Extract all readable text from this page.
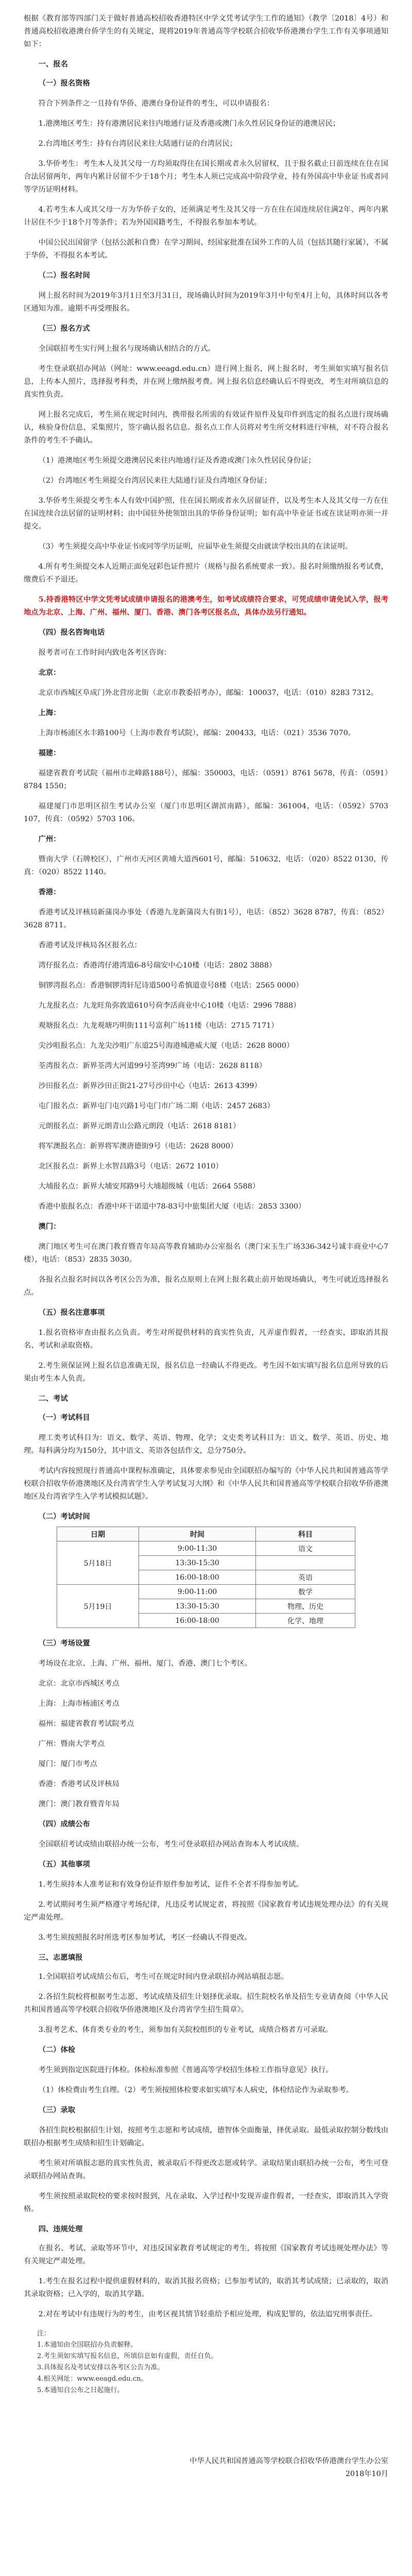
根据《教育部等四部门关于做好普通高校招收香港特区中学文凭考试学生工作的通知》（教学〔2018〕4号）和普通高校招收港澳台侨学生的有关规定，现将2019年普通高等学校联合招收华侨港澳台学生工作有关事项通知如下：

一、报名

（一）报名资格

符合下列条件之一且持有华侨、港澳台身份证件的考生，可以申请报名：

1.港澳地区考生：持有港澳居民来往内地通行证及香港或澳门永久性居民身份证的港澳居民；

2.台湾地区考生：持有台湾居民来往大陆通行证的台湾居民；

3.华侨考生：考生本人及其父母一方均须取得住在国长期或者永久居留权，且于报名截止日前连续在住在国合法居留两年，两年内累计居留不少于18个月；考生本人须已完成高中阶段学业，持有外国高中毕业证书或者同等学历证明材料。

4.若考生本人或其父母一方为华侨子女的，还须满足考生及其父母一方在住在国连续居住满2年、两年内累计居住不少于18个月等条件；若为外国国籍考生，不得报名参加本考试。

中国公民出国留学（包括公派和自费）在学习期间、经国家批准在国外工作的人员（包括其随行家属），不属于华侨，不得报名本考试。

（二）报名时间

网上报名时间为2019年3月1日至3月31日，现场确认时间为2019年3月中旬至4月上旬，具体时间以各考区通知为准。逾期不再受理报名。

（三）报名方式

全国联招考生实行网上报名与现场确认相结合的方式。

考生登录联招办网站（网址：www.eeagd.edu.cn）进行网上报名，网上报名时，考生须如实填写报名信息，上传本人照片，选择报考科类，并在网上缴纳报考费。网上报名信息经确认后不得更改，考生对所填信息的真实性负责。

网上报名完成后，考生须在规定时间内，携带报名所需的有效证件原件及复印件到选定的报名点进行现场确认，核验身份信息，采集照片，签字确认报名信息。报名点工作人员将对考生所交材料进行审核，对不符合报名条件的考生不予确认。

（1）港澳地区考生须提交港澳居民来往内地通行证及香港或澳门永久性居民身份证；

（2）台湾地区考生须提交台湾居民来往大陆通行证及台湾地区身份证；

3.华侨考生须提交考生本人有效中国护照，住在国长期或者永久居留证件，以及考生本人及其父母一方在住在国连续合法居留的证明材料；由中国驻外使领馆出具的华侨身份证明；如有高中毕业证书或在读证明亦须一并提交。

（3）考生须提交高中毕业证书或同等学历证明，应届毕业生须提交由就读学校出具的在读证明。

4.所有考生须提交本人近期正面免冠彩色证件照片（规格与报名系统要求一致）。报名时须缴纳报名考试费，缴费后不予退还。

5.持香港特区中学文凭考试成绩申请报名的港澳考生，如考试成绩符合要求，可凭成绩申请免试入学，报考地点为北京、上海、广州、福州、厦门、香港、澳门各考区报名点，具体办法另行通知。

（四）报名咨询电话

报考者可在工作时间内致电各考区咨询：

北京：

北京市西城区阜成门外北营房北街（北京市教委招考办），邮编：100037，电话：（010）8283 7312。

上海：

上海市杨浦区水丰路100号（上海市教育考试院），邮编：200433，电话：（021）3536 7070。

福建：

福建省教育考试院（福州市北峰路188号），邮编：350003，电话：（0591）8761 5678，传真：（0591）8784 1550；

福建厦门市思明区招生考试办公室（厦门市思明区湖滨南路），邮编：361004，电话：（0592）5703 107，传真：（0592）5703 106。

广州：

暨南大学（石牌校区），广州市天河区黄埔大道西601号，邮编：510632，电话：（020）8522 0130，传真：（020）8522 1140。

香港：

香港考试及评核局新蒲岗办事处（香港九龙新蒲岗大有街1号），电话：（852）3628 8787，传真：（852）3628 8711。

香港考试及评核局各区报名点：

湾仔报名点：香港湾仔港湾道6-8号瑞安中心10楼（电话：2802 3888）

铜锣湾报名点：香港铜锣湾轩尼诗道500号希慎道壹号8楼（电话：2565 0000）

九龙报名点：九龙旺角弥敦道610号荷李活商业中心10楼（电话：2996 7888）

观塘报名点：九龙观塘巧明街111号富利广场11楼（电话：2715 7171）

尖沙咀报名点：九龙尖沙咀广东道25号海港城港威大厦（电话：2628 8000）

荃湾报名点：新界荃湾大河道99号荃湾99广场（电话：2628 8118）

沙田报名点：新界沙田正街21-27号沙田中心（电话：2613 4399）

屯门报名点：新界屯门屯兴路1号屯门市广场二期（电话：2457 2683）

元朗报名点：新界元朗青山公路元朗段（电话：2618 8181）

将军澳报名点：新界将军澳唐德街9号（电话：2628 8000）

北区报名点：新界上水智昌路3号（电话：2672 1010）

大埔报名点：新界大埔安邦路9号大埔超级城（电话：2664 5588）

香港中旅报名点：香港中环干诺道中78-83号中旅集团大厦（电话：2853 3300）

澳门：

澳门地区考生可在澳门教育暨青年局高等教育辅助办公室报名（澳门宋玉生广场336-342号诚丰商业中心7楼），电话：（853）2835 3030。

各报名点报名时间以各考区公告为准，报名点原则上在网上报名截止前开始现场确认，考生可就近选择报名点。

（五）报名注意事项

1.报名资格审查由报名点负责。考生对所提供材料的真实性负责，凡弄虚作假者，一经查实，即取消其报名、考试和录取资格。

2.考生须保证网上报名信息准确无误，报名信息一经确认不得更改。考生因不如实填写报名信息所导致的后果由考生本人负责。

二、考试

（一）考试科目

理工类考试科目为：语文、数学、英语、物理、化学；文史类考试科目为：语文、数学、英语、历史、地理。每科满分均为150分，其中语文、英语各包括作文，总分750分。

考试内容按照现行普通高中课程标准确定，具体要求参见由全国联招办编写的《中华人民共和国普通高等学校联合招收华侨港澳地区及台湾省学生入学考试复习大纲》和《中华人民共和国普通高等学校联合招收华侨港澳地区及台湾省学生入学考试模拟试题》。

（二）考试时间

日期	时间	科目
5月18日	9:00-11:30	语文
	13:30-15:30	
	16:00-18:00	英语
5月19日	9:00-11:00	数学
	13:30-15:30	物理、历史
	16:00-18:00	化学、地理

（三）考场设置

考场设在北京、上海、广州、福州、厦门、香港、澳门七个考区。

北京：北京市西城区考点

上海：上海市杨浦区考点

福州：福建省教育考试院考点

广州：暨南大学考点

厦门：厦门市考点

香港：香港考试及评核局

澳门：澳门教育暨青年局

（四）成绩公布

全国联招考试成绩由联招办统一公布，考生可登录联招办网站查询本人考试成绩。

（五）其他事项

1.考生须持本人准考证和有效身份证件原件参加考试，证件不全者不得参加考试。

2.考试期间考生须严格遵守考场纪律，凡违反考试规定者，将按照《国家教育考试违规处理办法》的有关规定严肃处理。

3.考生须按照报名时所选考区参加考试，考区一经确认不得更改。

三、志愿填报

1.全国联招考试成绩公布后，考生可在规定时间内登录联招办网站填报志愿。

2.各招生院校将根据考生志愿、考试成绩及招生计划择优录取。招生院校名单及招生专业请查阅《中华人民共和国普通高等学校联合招收华侨港澳地区及台湾省学生招生简章》。

3.报考艺术、体育类专业的考生，须参加有关院校组织的专业考试，成绩合格者方可录取。

（二）体检

考生须到指定医院进行体检。体检标准参照《普通高等学校招生体检工作指导意见》执行。

（1）体检费由考生自理。（2）考生须按照体检要求如实填写本人病史，体检结论作为录取参考。

（三）录取

各招生院校根据招生计划，按照考生志愿和考试成绩，德智体全面衡量，择优录取。最低录取控制分数线由联招办根据考生成绩和招生计划确定。

考生须对所填报志愿的真实性负责，被录取后不得更改志愿或转学。录取结果由联招办统一公布，考生可登录联招办网站查询。

考生须按照录取院校的要求按时报到，凡在录取、入学过程中发现弄虚作假者，一经查实，即取消其入学资格。

四、违规处理

在报名、考试、录取等环节中，对违反国家教育考试规定的考生，将按照《国家教育考试违规处理办法》等有关规定严肃处理。

1.考生在报名过程中提供虚假材料的，取消其报名资格；已参加考试的，取消其考试成绩；已录取的，取消其录取资格；已入学的，取消其学籍。

2.对在考试中有违规行为的考生，由考区视其情节轻重给予相应处理，构成犯罪的，依法追究刑事责任。

注：

1.本通知由全国联招办负责解释。

2.考生须如实填写报名信息，所填信息如有虚假，责任自负。

3.具体报名及考试安排以各考区公告为准。

4.相关网址：www.eeagd.edu.cn。

5.本通知自公布之日起施行。

中华人民共和国普通高等学校联合招收华侨港澳台学生办公室

2018年10月
